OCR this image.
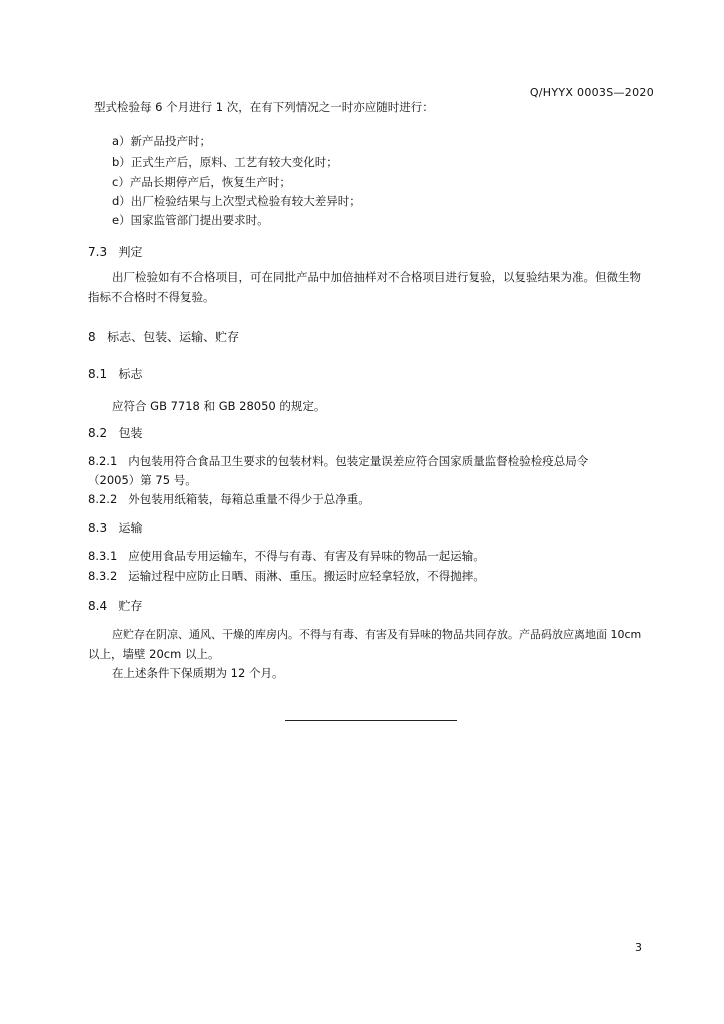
Q/HYYX 0003S—2020
型式检验每 6 个月进行 1 次，在有下列情况之一时亦应随时进行：
a）新产品投产时；
b）正式生产后，原料、工艺有较大变化时；
c）产品长期停产后，恢复生产时；
d）出厂检验结果与上次型式检验有较大差异时；
e）国家监管部门提出要求时。
7.3 判定
出厂检验如有不合格项目，可在同批产品中加倍抽样对不合格项目进行复验，以复验结果为准。但微生物
指标不合格时不得复验。
8 标志、包装、运输、贮存
8.1 标志
应符合 GB 7718 和 GB 28050 的规定。
8.2 包装
8.2.1 内包装用符合食品卫生要求的包装材料。包装定量误差应符合国家质量监督检验检疫总局令
（2005）第 75 号。
8.2.2 外包装用纸箱装，每箱总重量不得少于总净重。
8.3 运输
8.3.1 应使用食品专用运输车，不得与有毒、有害及有异味的物品一起运输。
8.3.2 运输过程中应防止日晒、雨淋、重压。搬运时应轻拿轻放，不得抛摔。
8.4 贮存
应贮存在阴凉、通风、干燥的库房内。不得与有毒、有害及有异味的物品共同存放。产品码放应离地面 10cm
以上，墙壁 20cm 以上。
在上述条件下保质期为 12 个月。
3
